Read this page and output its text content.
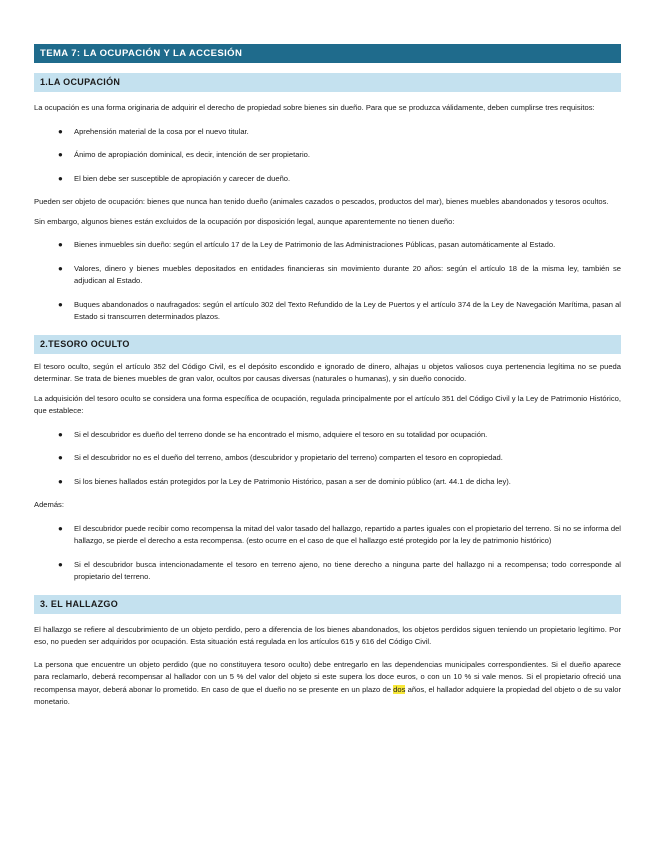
TEMA 7: LA OCUPACIÓN Y LA ACCESIÓN
1.LA OCUPACIÓN

La ocupación es una forma originaria de adquirir el derecho de propiedad sobre bienes sin dueño. Para que se produzca válidamente, deben cumplirse tres requisitos:

● Aprehensión material de la cosa por el nuevo titular.
● Ánimo de apropiación dominical, es decir, intención de ser propietario.
● El bien debe ser susceptible de apropiación y carecer de dueño.

Pueden ser objeto de ocupación: bienes que nunca han tenido dueño (animales cazados o pescados, productos del mar), bienes muebles abandonados y tesoros ocultos.

Sin embargo, algunos bienes están excluidos de la ocupación por disposición legal, aunque aparentemente no tienen dueño:

● Bienes inmuebles sin dueño: según el artículo 17 de la Ley de Patrimonio de las Administraciones Públicas, pasan automáticamente al Estado.
● Valores, dinero y bienes muebles depositados en entidades financieras sin movimiento durante 20 años: según el artículo 18 de la misma ley, también se adjudican al Estado.
● Buques abandonados o naufragados: según el artículo 302 del Texto Refundido de la Ley de Puertos y el artículo 374 de la Ley de Navegación Marítima, pasan al Estado si transcurren determinados plazos.
2.TESORO OCULTO

El tesoro oculto, según el artículo 352 del Código Civil, es el depósito escondido e ignorado de dinero, alhajas u objetos valiosos cuya pertenencia legítima no se pueda determinar. Se trata de bienes muebles de gran valor, ocultos por causas diversas (naturales o humanas), y sin dueño conocido.

La adquisición del tesoro oculto se considera una forma específica de ocupación, regulada principalmente por el artículo 351 del Código Civil y la Ley de Patrimonio Histórico, que establece:

● Si el descubridor es dueño del terreno donde se ha encontrado el mismo, adquiere el tesoro en su totalidad por ocupación.
● Si el descubridor no es el dueño del terreno, ambos (descubridor y propietario del terreno) comparten el tesoro en copropiedad.
● Si los bienes hallados están protegidos por la Ley de Patrimonio Histórico, pasan a ser de dominio público (art. 44.1 de dicha ley).

Además:

● El descubridor puede recibir como recompensa la mitad del valor tasado del hallazgo, repartido a partes iguales con el propietario del terreno. Si no se informa del hallazgo, se pierde el derecho a esta recompensa. (esto ocurre en el caso de que el hallazgo esté protegido por la ley de patrimonio histórico)
● Si el descubridor busca intencionadamente el tesoro en terreno ajeno, no tiene derecho a ninguna parte del hallazgo ni a recompensa; todo corresponde al propietario del terreno.
3. EL HALLAZGO

El hallazgo se refiere al descubrimiento de un objeto perdido, pero a diferencia de los bienes abandonados, los objetos perdidos siguen teniendo un propietario legítimo. Por eso, no pueden ser adquiridos por ocupación. Esta situación está regulada en los artículos 615 y 616 del Código Civil.

La persona que encuentre un objeto perdido (que no constituyera tesoro oculto) debe entregarlo en las dependencias municipales correspondientes. Si el dueño aparece para reclamarlo, deberá recompensar al hallador con un 5 % del valor del objeto si este supera los doce euros, o con un 10 % si vale menos. Si el propietario ofreció una recompensa mayor, deberá abonar lo prometido. En caso de que el dueño no se presente en un plazo de dos años, el hallador adquiere la propiedad del objeto o de su valor monetario.
